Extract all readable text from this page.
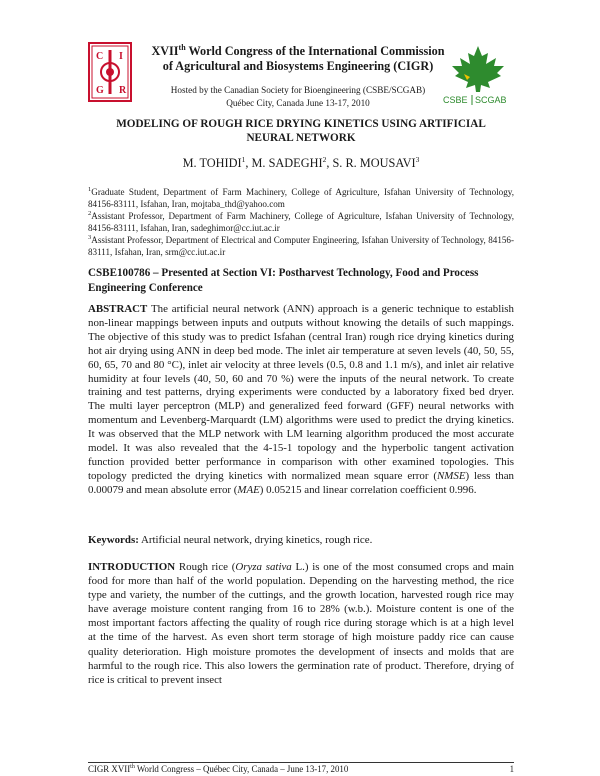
C I
G R
XVIIth World Congress of the International Commission
of Agricultural and Biosystems Engineering (CIGR)
Hosted by the Canadian Society for Bioengineering (CSBE/SCGAB)
Québec City, Canada June 13-17, 2010	CSBE SCGAB
MODELING OF ROUGH RICE DRYING KINETICS USING ARTIFICIAL
NEURAL NETWORK
M. TOHIDI$^1$, M. SADEGHI$^2$, S. R. MOUSAVI$^3$
$^1$Graduate Student, Department of Farm Machinery, College of Agriculture, Isfahan University of Technology, 84156-83111, Isfahan, Iran, mojtaba_thd@yahoo.com
$^2$Assistant Professor, Department of Farm Machinery, College of Agriculture, Isfahan University of Technology, 84156-83111, Isfahan, Iran, sadeghimor@cc.iut.ac.ir
$^3$Assistant Professor, Department of Electrical and Computer Engineering, Isfahan University of Technology, 84156-83111, Isfahan, Iran, srm@cc.iut.ac.ir
CSBE100786 – Presented at Section VI: Postharvest Technology, Food and Process Engineering Conference
ABSTRACT The artificial neural network (ANN) approach is a generic technique to establish non-linear mappings between inputs and outputs without knowing the details of such mappings. The objective of this study was to predict Isfahan (central Iran) rough rice drying kinetics during hot air drying using ANN in deep bed mode. The inlet air temperature at seven levels (40, 50, 55, 60, 65, 70 and 80 °C), inlet air velocity at three levels (0.5, 0.8 and 1.1 m/s), and inlet air relative humidity at four levels (40, 50, 60 and 70 %) were the inputs of the neural network. To create training and test patterns, drying experiments were conducted by a laboratory fixed bed dryer. The multi layer perceptron (MLP) and generalized feed forward (GFF) neural networks with momentum and Levenberg-Marquardt (LM) algorithms were used to predict the drying kinetics. It was observed that the MLP network with LM learning algorithm produced the most accurate model. It was also revealed that the 4-15-1 topology and the hyperbolic tangent activation function provided better performance in comparison with other examined topologies. This topology predicted the drying kinetics with normalized mean square error (NMSE) less than 0.00079 and mean absolute error (MAE) 0.05215 and linear correlation coefficient 0.996.
Keywords: Artificial neural network, drying kinetics, rough rice.
INTRODUCTION Rough rice (Oryza sativa L.) is one of the most consumed crops and main food for more than half of the world population. Depending on the harvesting method, the rice type and variety, the number of the cuttings, and the growth location, harvested rough rice may have average moisture content ranging from 16 to 28% (w.b.). Moisture content is one of the most important factors affecting the quality of rough rice during storage which is at a high level at the time of the harvest. As even short term storage of high moisture paddy rice can cause quality deterioration. High moisture promotes the development of insects and molds that are harmful to the rough rice. This also lowers the germination rate of product. Therefore, drying of rice is critical to prevent insect
CIGR XVIIth World Congress – Québec City, Canada – June 13-17, 2010	1
